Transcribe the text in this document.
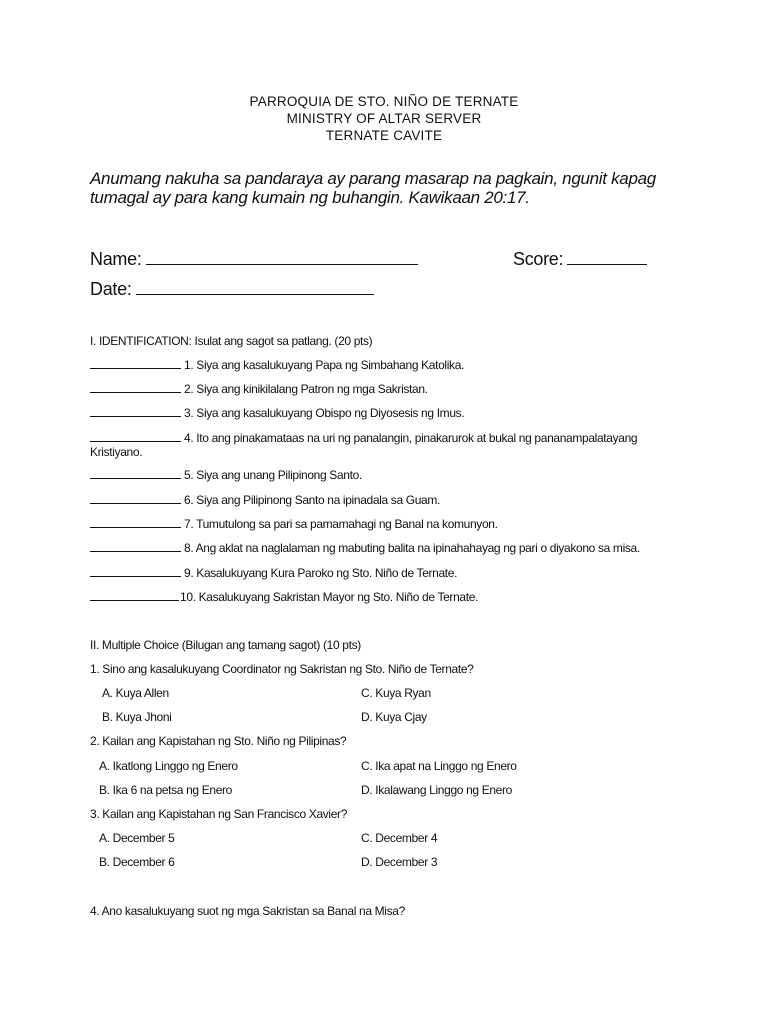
PARROQUIA DE STO. NIÑO DE TERNATE
MINISTRY OF ALTAR SERVER
TERNATE CAVITE
Anumang nakuha sa pandaraya ay parang masarap na pagkain, ngunit kapag tumagal ay para kang kumain ng buhangin. Kawikaan 20:17.
Name:	Score:
Date:
I. IDENTIFICATION: Isulat ang sagot sa patlang. (20 pts)
1. Siya ang kasalukuyang Papa ng Simbahang Katolika.
2. Siya ang kinikilalang Patron ng mga Sakristan.
3. Siya ang kasalukuyang Obispo ng Diyosesis ng Imus.
4. Ito ang pinakamataas na uri ng panalangin, pinakarurok at bukal ng pananampalatayang Kristiyano.
5. Siya ang unang Pilipinong Santo.
6. Siya ang Pilipinong Santo na ipinadala sa Guam.
7. Tumutulong sa pari sa pamamahagi ng Banal na komunyon.
8. Ang aklat na naglalaman ng mabuting balita na ipinahahayag ng pari o diyakono sa misa.
9. Kasalukuyang Kura Paroko ng Sto. Niño de Ternate.
10. Kasalukuyang Sakristan Mayor ng Sto. Niño de Ternate.
II. Multiple Choice (Bilugan ang tamang sagot) (10 pts)
1. Sino ang kasalukuyang Coordinator ng Sakristan ng Sto. Niño de Ternate?
A. Kuya Allen	C. Kuya Ryan
B. Kuya Jhoni	D. Kuya Cjay
2. Kailan ang Kapistahan ng Sto. Niño ng Pilipinas?
A. Ikatlong Linggo ng Enero	C. Ika apat na Linggo ng Enero
B. Ika 6 na petsa ng Enero	D. Ikalawang Linggo ng Enero
3. Kailan ang Kapistahan ng San Francisco Xavier?
A. December 5	C. December 4
B. December 6	D. December 3
4. Ano kasalukuyang suot ng mga Sakristan sa Banal na Misa?
